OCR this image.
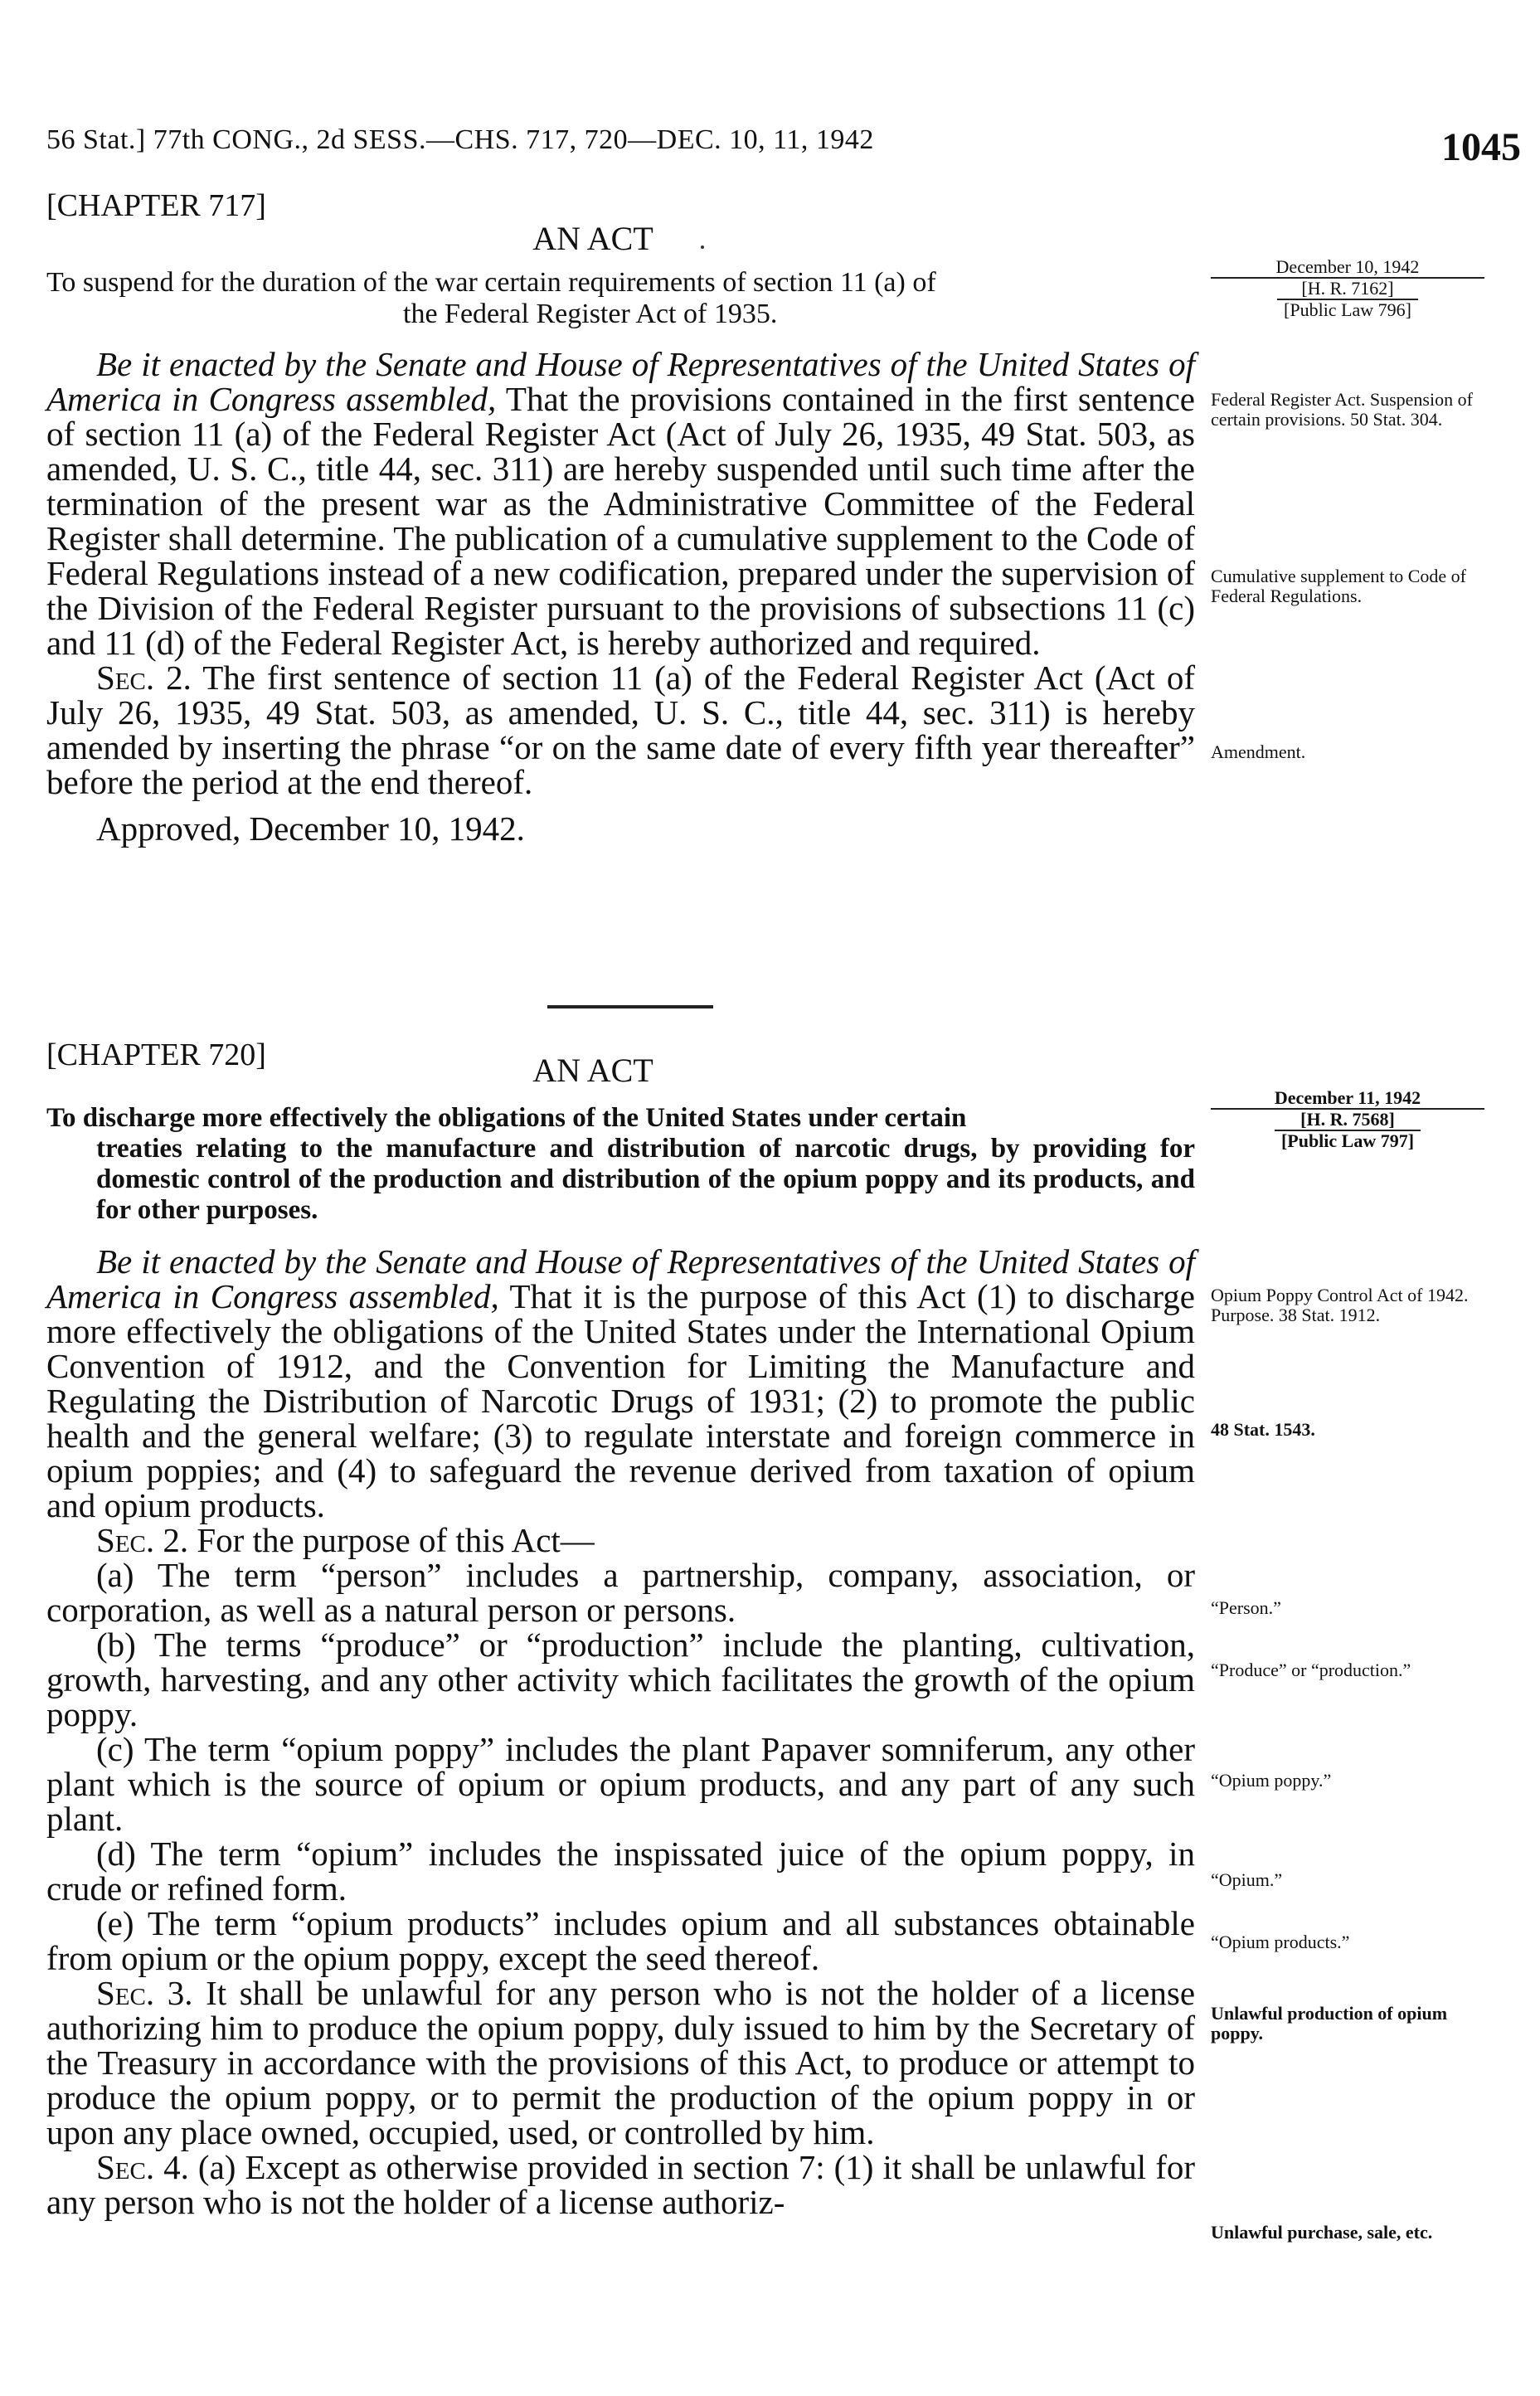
56 Stat.] 77th CONG., 2d SESS.—CHS. 717, 720—DEC. 10, 11, 1942	1045
[CHAPTER 717]
AN ACT
To suspend for the duration of the war certain requirements of section 11 (a) of
the Federal Register Act of 1935.
December 10, 1942
[H. R. 7162]
[Public Law 796]

Be it enacted by the Senate and House of Representatives of the United States of America in Congress assembled, That the provisions contained in the first sentence of section 11 (a) of the Federal Register Act (Act of July 26, 1935, 49 Stat. 503, as amended, U. S. C., title 44, sec. 311) are hereby suspended until such time after the termination of the present war as the Administrative Committee of the Federal Register shall determine. The publication of a cumulative supplement to the Code of Federal Regulations instead of a new codification, prepared under the supervision of the Division of the Federal Register pursuant to the provisions of subsections 11 (c) and 11 (d) of the Federal Register Act, is hereby authorized and required.

Sec. 2. The first sentence of section 11 (a) of the Federal Register Act (Act of July 26, 1935, 49 Stat. 503, as amended, U. S. C., title 44, sec. 311) is hereby amended by inserting the phrase “or on the same date of every fifth year thereafter” before the period at the end thereof.

Approved, December 10, 1942.

Federal Register Act. Suspension of certain provisions. 50 Stat. 304.
Cumulative supplement to Code of Federal Regulations.
Amendment.
[CHAPTER 720]	AN ACT
To discharge more effectively the obligations of the United States under certain
treaties relating to the manufacture and distribution of narcotic drugs, by providing for domestic control of the production and distribution of the opium poppy and its products, and for other purposes.
December 11, 1942
[H. R. 7568]
[Public Law 797]

Be it enacted by the Senate and House of Representatives of the United States of America in Congress assembled, That it is the purpose of this Act (1) to discharge more effectively the obligations of the United States under the International Opium Convention of 1912, and the Convention for Limiting the Manufacture and Regulating the Distribution of Narcotic Drugs of 1931; (2) to promote the public health and the general welfare; (3) to regulate interstate and foreign commerce in opium poppies; and (4) to safeguard the revenue derived from taxation of opium and opium products.

Sec. 2. For the purpose of this Act—

(a) The term “person” includes a partnership, company, association, or corporation, as well as a natural person or persons.

(b) The terms “produce” or “production” include the planting, cultivation, growth, harvesting, and any other activity which facilitates the growth of the opium poppy.

(c) The term “opium poppy” includes the plant Papaver somniferum, any other plant which is the source of opium or opium products, and any part of any such plant.

(d) The term “opium” includes the inspissated juice of the opium poppy, in crude or refined form.

(e) The term “opium products” includes opium and all substances obtainable from opium or the opium poppy, except the seed thereof.

Sec. 3. It shall be unlawful for any person who is not the holder of a license authorizing him to produce the opium poppy, duly issued to him by the Secretary of the Treasury in accordance with the provisions of this Act, to produce or attempt to produce the opium poppy, or to permit the production of the opium poppy in or upon any place owned, occupied, used, or controlled by him.

Sec. 4. (a) Except as otherwise provided in section 7: (1) it shall be unlawful for any person who is not the holder of a license authoriz-

Opium Poppy Control Act of 1942. Purpose. 38 Stat. 1912.
48 Stat. 1543.
“Person.”
“Produce” or “production.”
“Opium poppy.”
“Opium.”
“Opium products.”
Unlawful production of opium poppy.
Unlawful purchase, sale, etc.
